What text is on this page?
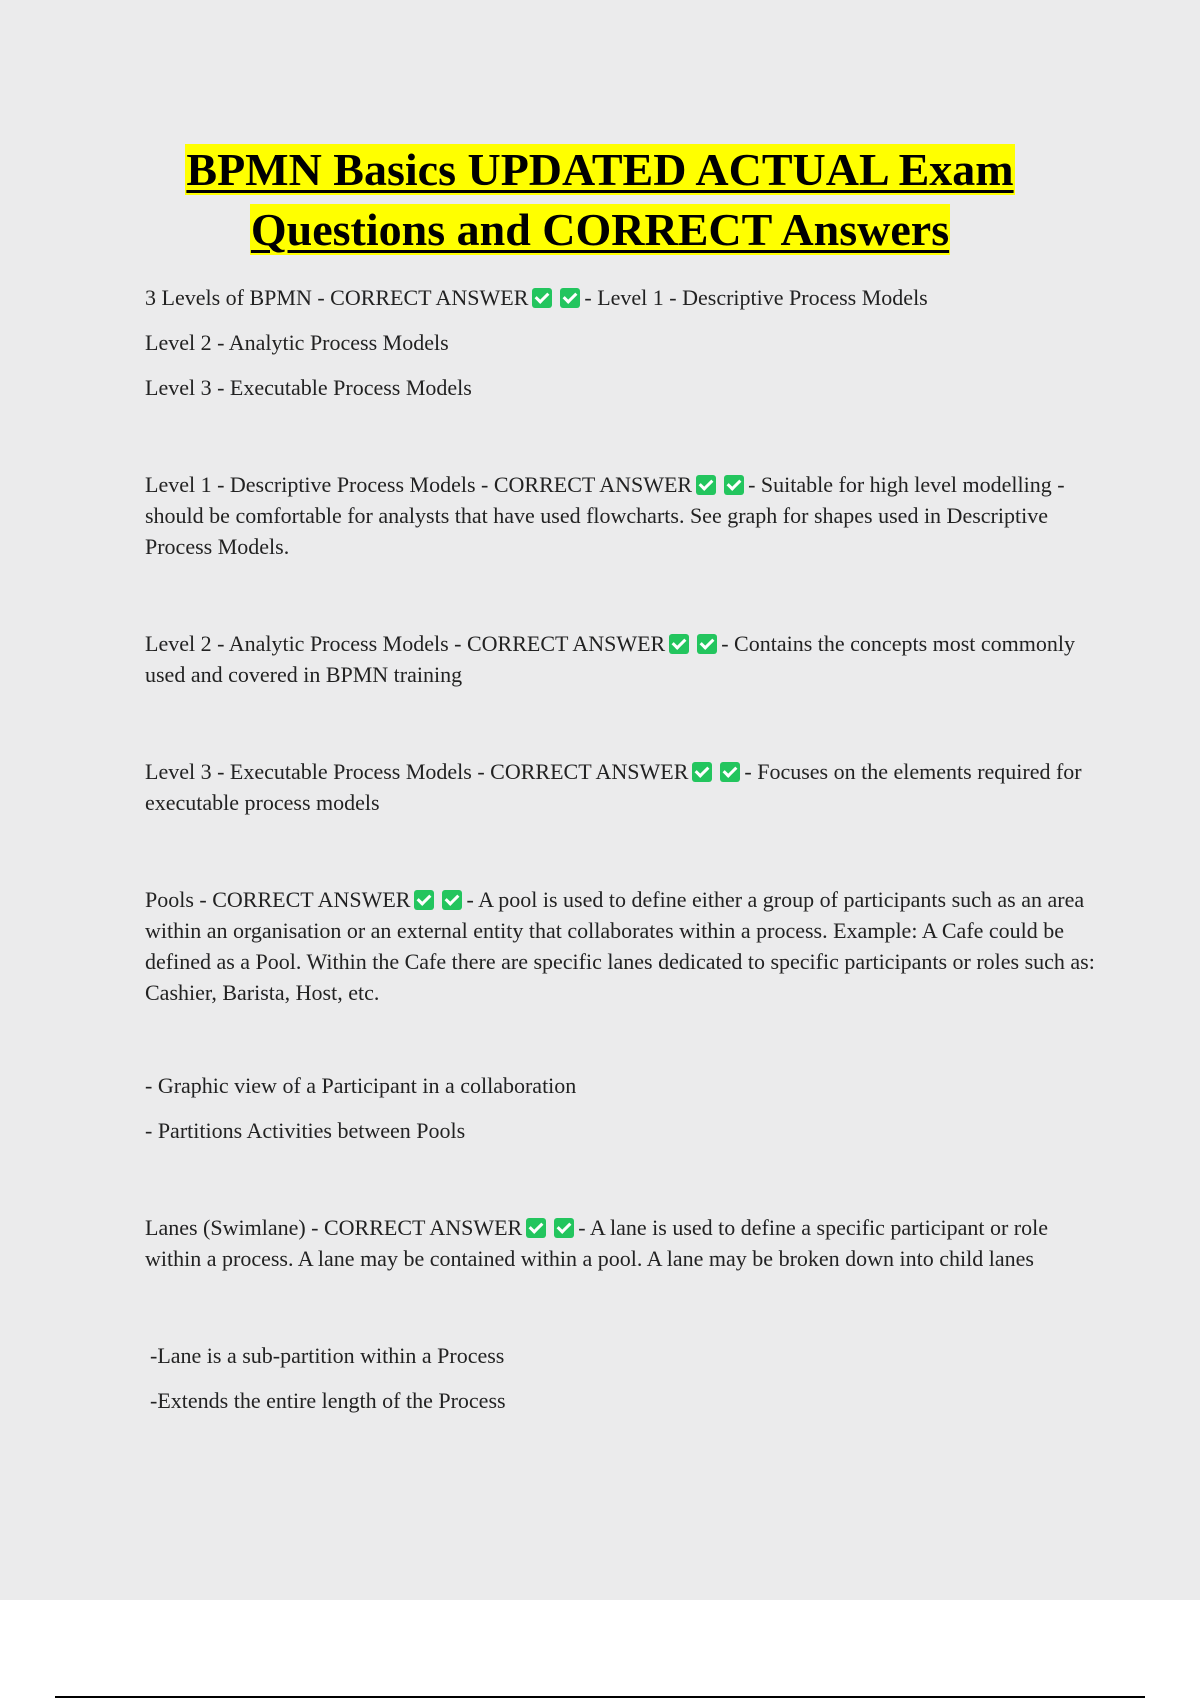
BPMN Basics UPDATED ACTUAL Exam
Questions and CORRECT Answers

3 Levels of BPMN - CORRECT ANSWER	- Level 1 - Descriptive Process Models

Level 2 - Analytic Process Models

Level 3 - Executable Process Models

Level 1 - Descriptive Process Models - CORRECT ANSWER	- Suitable for high level modelling - should be comfortable for analysts that have used flowcharts. See graph for shapes used in Descriptive Process Models.

Level 2 - Analytic Process Models - CORRECT ANSWER	- Contains the concepts most commonly used and covered in BPMN training

Level 3 - Executable Process Models - CORRECT ANSWER	- Focuses on the elements required for executable process models

Pools - CORRECT ANSWER	- A pool is used to define either a group of participants such as an area within an organisation or an external entity that collaborates within a process. Example: A Cafe could be defined as a Pool. Within the Cafe there are specific lanes dedicated to specific participants or roles such as: Cashier, Barista, Host, etc.

- Graphic view of a Participant in a collaboration

- Partitions Activities between Pools

Lanes (Swimlane) - CORRECT ANSWER	- A lane is used to define a specific participant or role within a process. A lane may be contained within a pool. A lane may be broken down into child lanes

-Lane is a sub-partition within a Process

-Extends the entire length of the Process
